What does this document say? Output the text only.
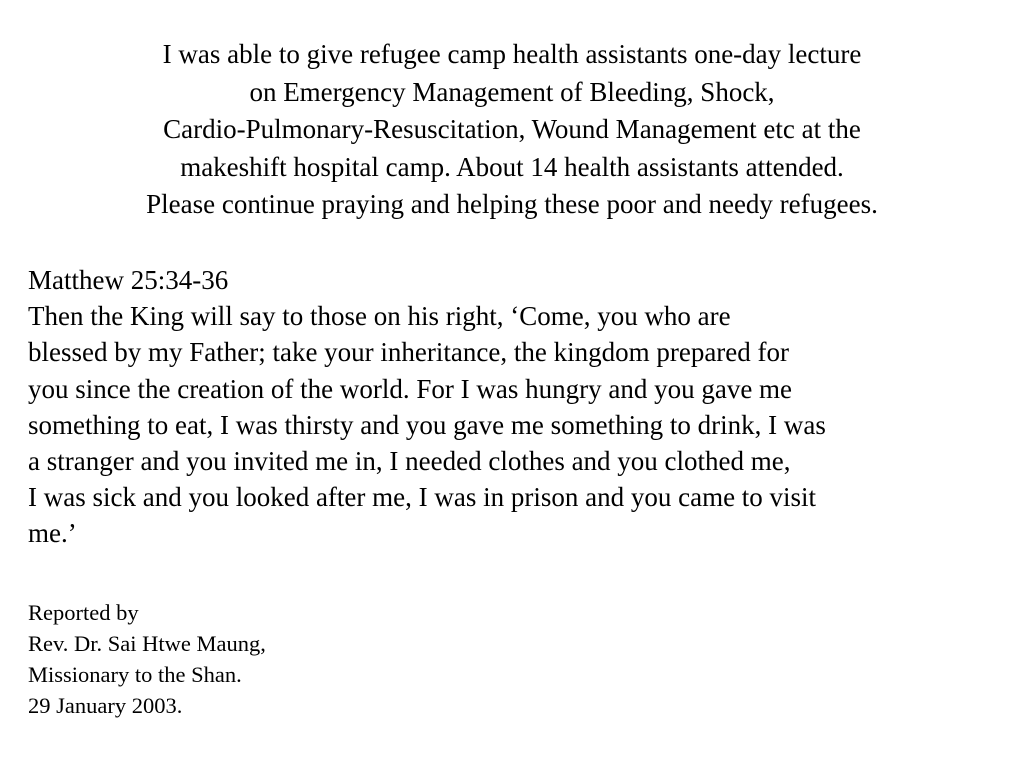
I was able to give refugee camp health assistants one-day lecture
on Emergency Management of Bleeding, Shock,
Cardio-Pulmonary-Resuscitation, Wound Management etc at the
makeshift hospital camp. About 14 health assistants attended.
Please continue praying and helping these poor and needy refugees.
Matthew 25:34-36
Then the King will say to those on his right, ‘Come, you who are
blessed by my Father; take your inheritance, the kingdom prepared for
you since the creation of the world. For I was hungry and you gave me
something to eat, I was thirsty and you gave me something to drink, I was
a stranger and you invited me in, I needed clothes and you clothed me,
I was sick and you looked after me, I was in prison and you came to visit
me.’
Reported by
Rev. Dr. Sai Htwe Maung,
Missionary to the Shan.
29 January 2003.
